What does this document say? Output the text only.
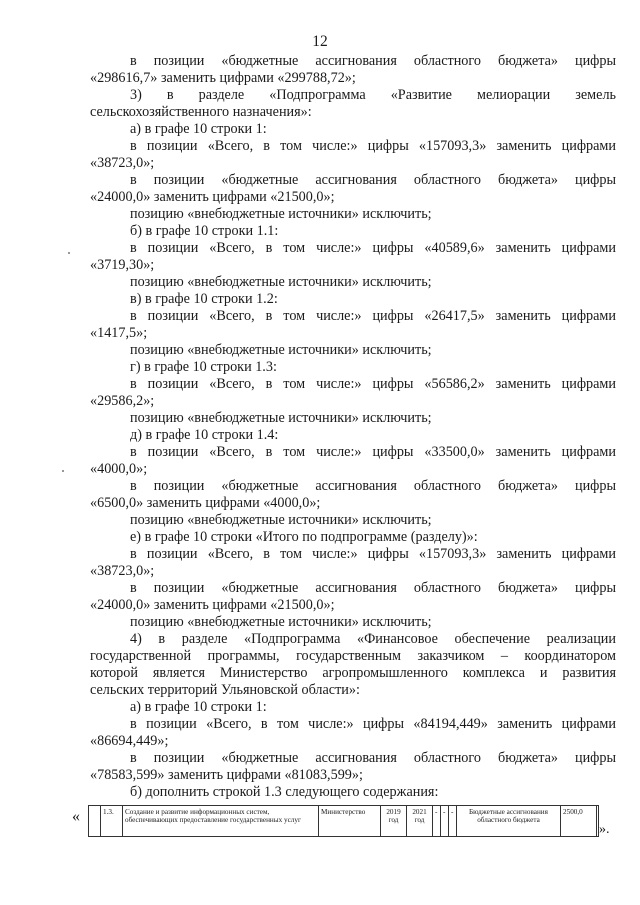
12
в позиции «бюджетные ассигнования областного бюджета» цифры
«298616,7» заменить цифрами «299788,72»;
3) в разделе «Подпрограмма «Развитие мелиорации земель
сельскохозяйственного назначения»:
а) в графе 10 строки 1:
в позиции «Всего, в том числе:» цифры «157093,3» заменить цифрами
«38723,0»;
в позиции «бюджетные ассигнования областного бюджета» цифры
«24000,0» заменить цифрами «21500,0»;
позицию «внебюджетные источники» исключить;
б) в графе 10 строки 1.1:
в позиции «Всего, в том числе:» цифры «40589,6» заменить цифрами
«3719,30»;
позицию «внебюджетные источники» исключить;
в) в графе 10 строки 1.2:
в позиции «Всего, в том числе:» цифры «26417,5» заменить цифрами
«1417,5»;
позицию «внебюджетные источники» исключить;
г) в графе 10 строки 1.3:
в позиции «Всего, в том числе:» цифры «56586,2» заменить цифрами
«29586,2»;
позицию «внебюджетные источники» исключить;
д) в графе 10 строки 1.4:
в позиции «Всего, в том числе:» цифры «33500,0» заменить цифрами
«4000,0»;
в позиции «бюджетные ассигнования областного бюджета» цифры
«6500,0» заменить цифрами «4000,0»;
позицию «внебюджетные источники» исключить;
е) в графе 10 строки «Итого по подпрограмме (разделу)»:
в позиции «Всего, в том числе:» цифры «157093,3» заменить цифрами
«38723,0»;
в позиции «бюджетные ассигнования областного бюджета» цифры
«24000,0» заменить цифрами «21500,0»;
позицию «внебюджетные источники» исключить;
4) в разделе «Подпрограмма «Финансовое обеспечение реализации
государственной программы, государственным заказчиком – координатором
которой является Министерство агропромышленного комплекса и развития
сельских территорий Ульяновской области»:
а) в графе 10 строки 1:
в позиции «Всего, в том числе:» цифры «84194,449» заменить цифрами
«86694,449»;
в позиции «бюджетные ассигнования областного бюджета» цифры
«78583,599» заменить цифрами «81083,599»;
б) дополнить строкой 1.3 следующего содержания:
«
		1.3.	Создание и развитие информационных систем, обеспечивающих предоставление государственных услуг	Министерство	2019 год	2021 год	-	-	-	Бюджетные ассигнования областного бюджета	2500,0	
».
